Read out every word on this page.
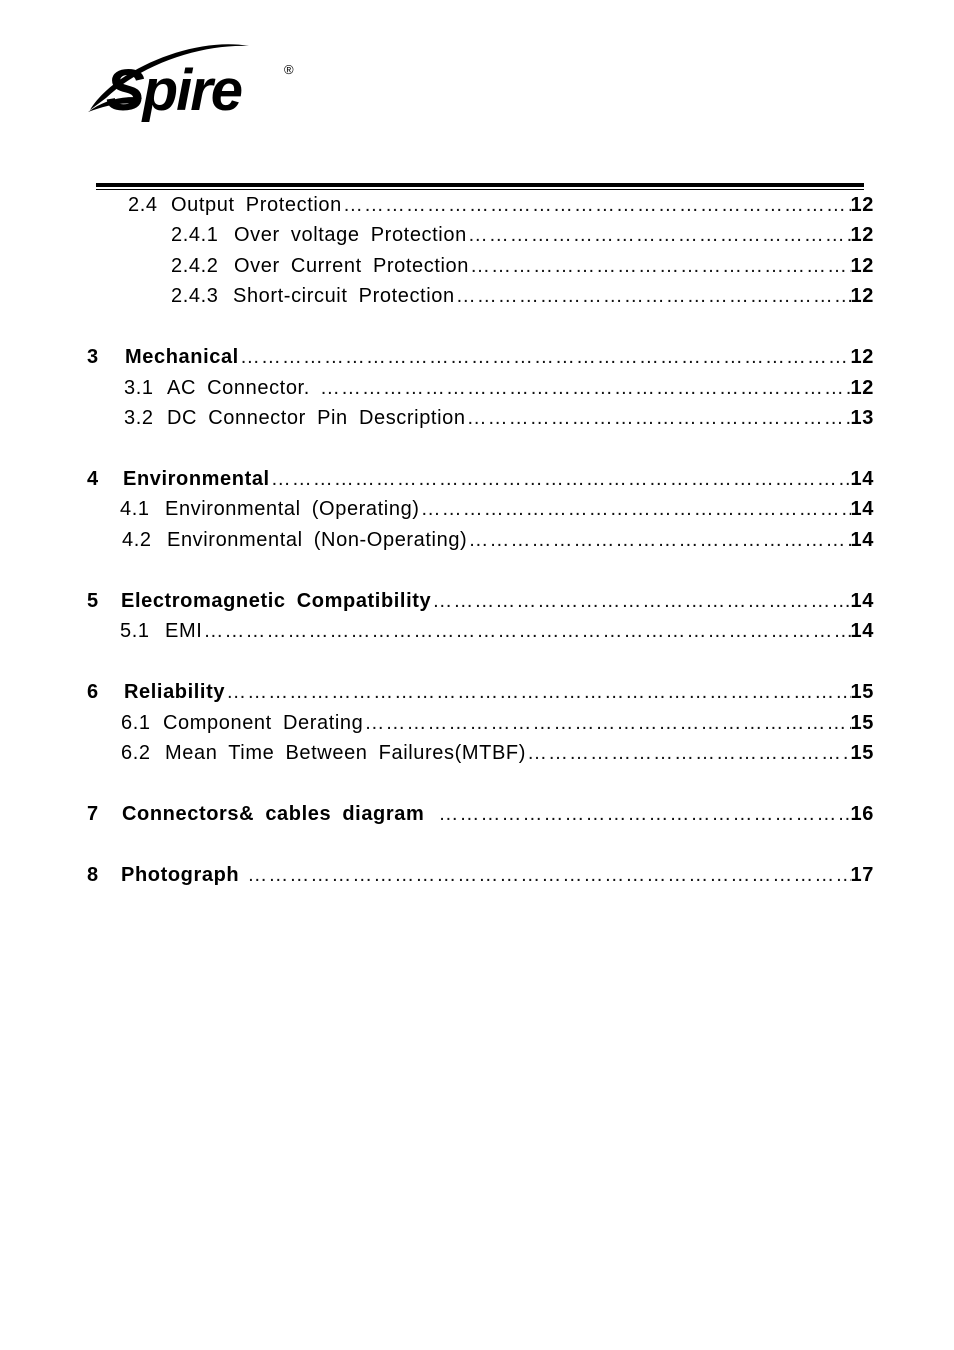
Spire	®
2.4 Output Protection ……………………………………………………………………………………………………………………………………………………………	12
2.4.1 Over voltage Protection ……………………………………………………………………………………………………………………………………………………………	12
2.4.2 Over Current Protection ……………………………………………………………………………………………………………………………………………………………	12
2.4.3 Short-circuit Protection ……………………………………………………………………………………………………………………………………………………………	12
3	Mechanical ……………………………………………………………………………………………………………………………………………………………	12
3.1 AC Connector. ……………………………………………………………………………………………………………………………………………………………	12
3.2 DC Connector Pin Description ……………………………………………………………………………………………………………………………………………………………	13
4	Environmental ……………………………………………………………………………………………………………………………………………………………	14
4.1 Environmental (Operating) ……………………………………………………………………………………………………………………………………………………………	14
4.2 Environmental (Non-Operating) ……………………………………………………………………………………………………………………………………………………………	14
5	Electromagnetic Compatibility ……………………………………………………………………………………………………………………………………………………………	14
5.1 EMI ……………………………………………………………………………………………………………………………………………………………	14
6	Reliability ……………………………………………………………………………………………………………………………………………………………	15
6.1 Component Derating ……………………………………………………………………………………………………………………………………………………………	15
6.2 Mean Time Between Failures(MTBF) ……………………………………………………………………………………………………………………………………………………………	15
7	Connectors& cables diagram ……………………………………………………………………………………………………………………………………………………………	16
8	Photograph ……………………………………………………………………………………………………………………………………………………………	17
